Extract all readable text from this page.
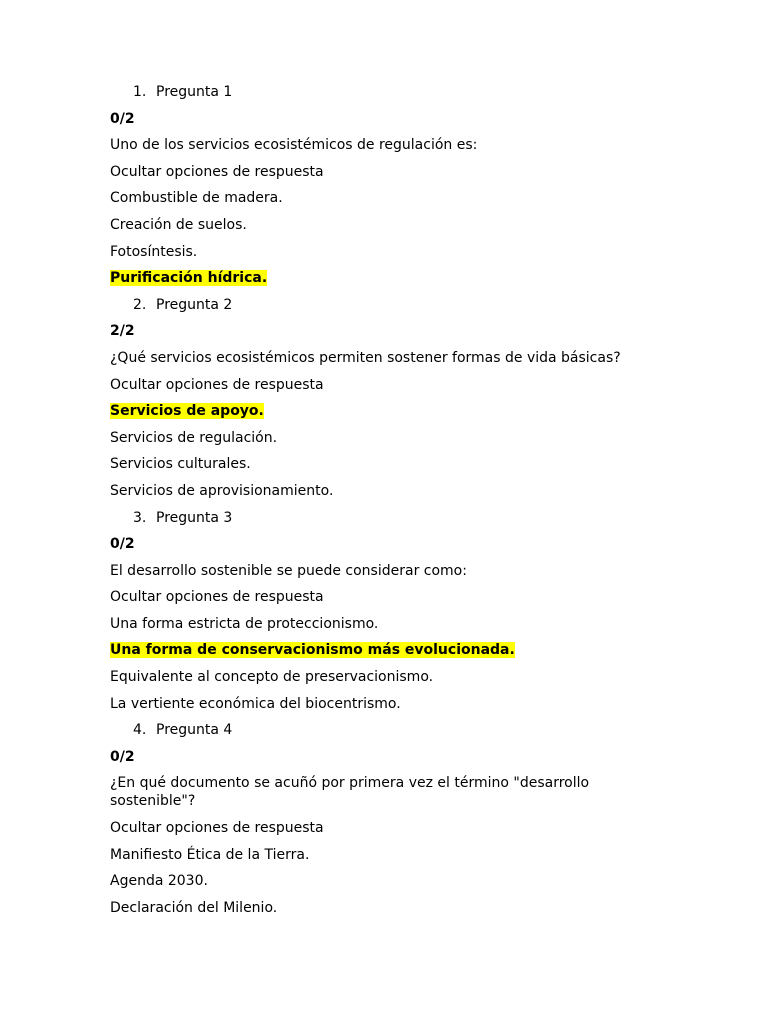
1. Pregunta 1
0/2
Uno de los servicios ecosistémicos de regulación es:
Ocultar opciones de respuesta
Combustible de madera.
Creación de suelos.
Fotosíntesis.
Purificación hídrica.
2. Pregunta 2
2/2
¿Qué servicios ecosistémicos permiten sostener formas de vida básicas?
Ocultar opciones de respuesta
Servicios de apoyo.
Servicios de regulación.
Servicios culturales.
Servicios de aprovisionamiento.
3. Pregunta 3
0/2
El desarrollo sostenible se puede considerar como:
Ocultar opciones de respuesta
Una forma estricta de proteccionismo.
Una forma de conservacionismo más evolucionada.
Equivalente al concepto de preservacionismo.
La vertiente económica del biocentrismo.
4. Pregunta 4
0/2
¿En qué documento se acuñó por primera vez el término "desarrollo sostenible"?
Ocultar opciones de respuesta
Manifiesto Ética de la Tierra.
Agenda 2030.
Declaración del Milenio.
